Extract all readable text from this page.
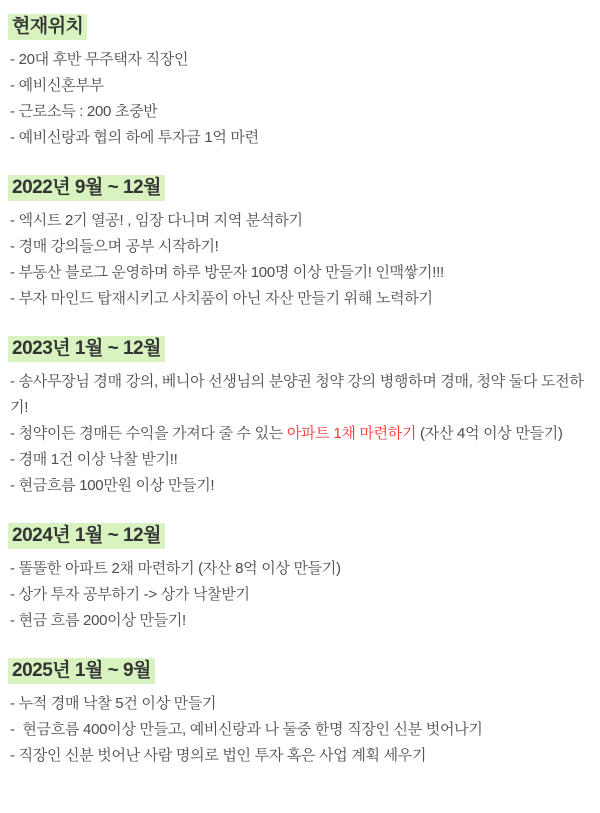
현재위치

- 20대 후반 무주택자 직장인

- 예비신혼부부

- 근로소득 : 200 초중반

- 예비신랑과 협의 하에 투자금 1억 마련

2022년 9월 ~ 12월

- 엑시트 2기 열공! , 임장 다니며 지역 분석하기

- 경매 강의들으며 공부 시작하기!

- 부동산 블로그 운영하며 하루 방문자 100명 이상 만들기! 인맥쌓기!!!

- 부자 마인드 탑재시키고 사치품이 아닌 자산 만들기 위해 노력하기

2023년 1월 ~ 12월

- 송사무장님 경매 강의, 베니아 선생님의 분양권 청약 강의 병행하며 경매, 청약 둘다 도전하기!

- 청약이든 경매든 수익을 가져다 줄 수 있는 아파트 1채 마련하기 (자산 4억 이상 만들기)

- 경매 1건 이상 낙찰 받기!!

- 현금흐름 100만원 이상 만들기!

2024년 1월 ~ 12월

- 똘똘한 아파트 2채 마련하기 (자산 8억 이상 만들기)

- 상가 투자 공부하기 -> 상가 낙찰받기

- 현금 흐름 200이상 만들기!

2025년 1월 ~ 9월

- 누적 경매 낙찰 5건 이상 만들기

-  현금흐름 400이상 만들고, 예비신랑과 나 둘중 한명 직장인 신분 벗어나기

- 직장인 신분 벗어난 사람 명의로 법인 투자 혹은 사업 계획 세우기
